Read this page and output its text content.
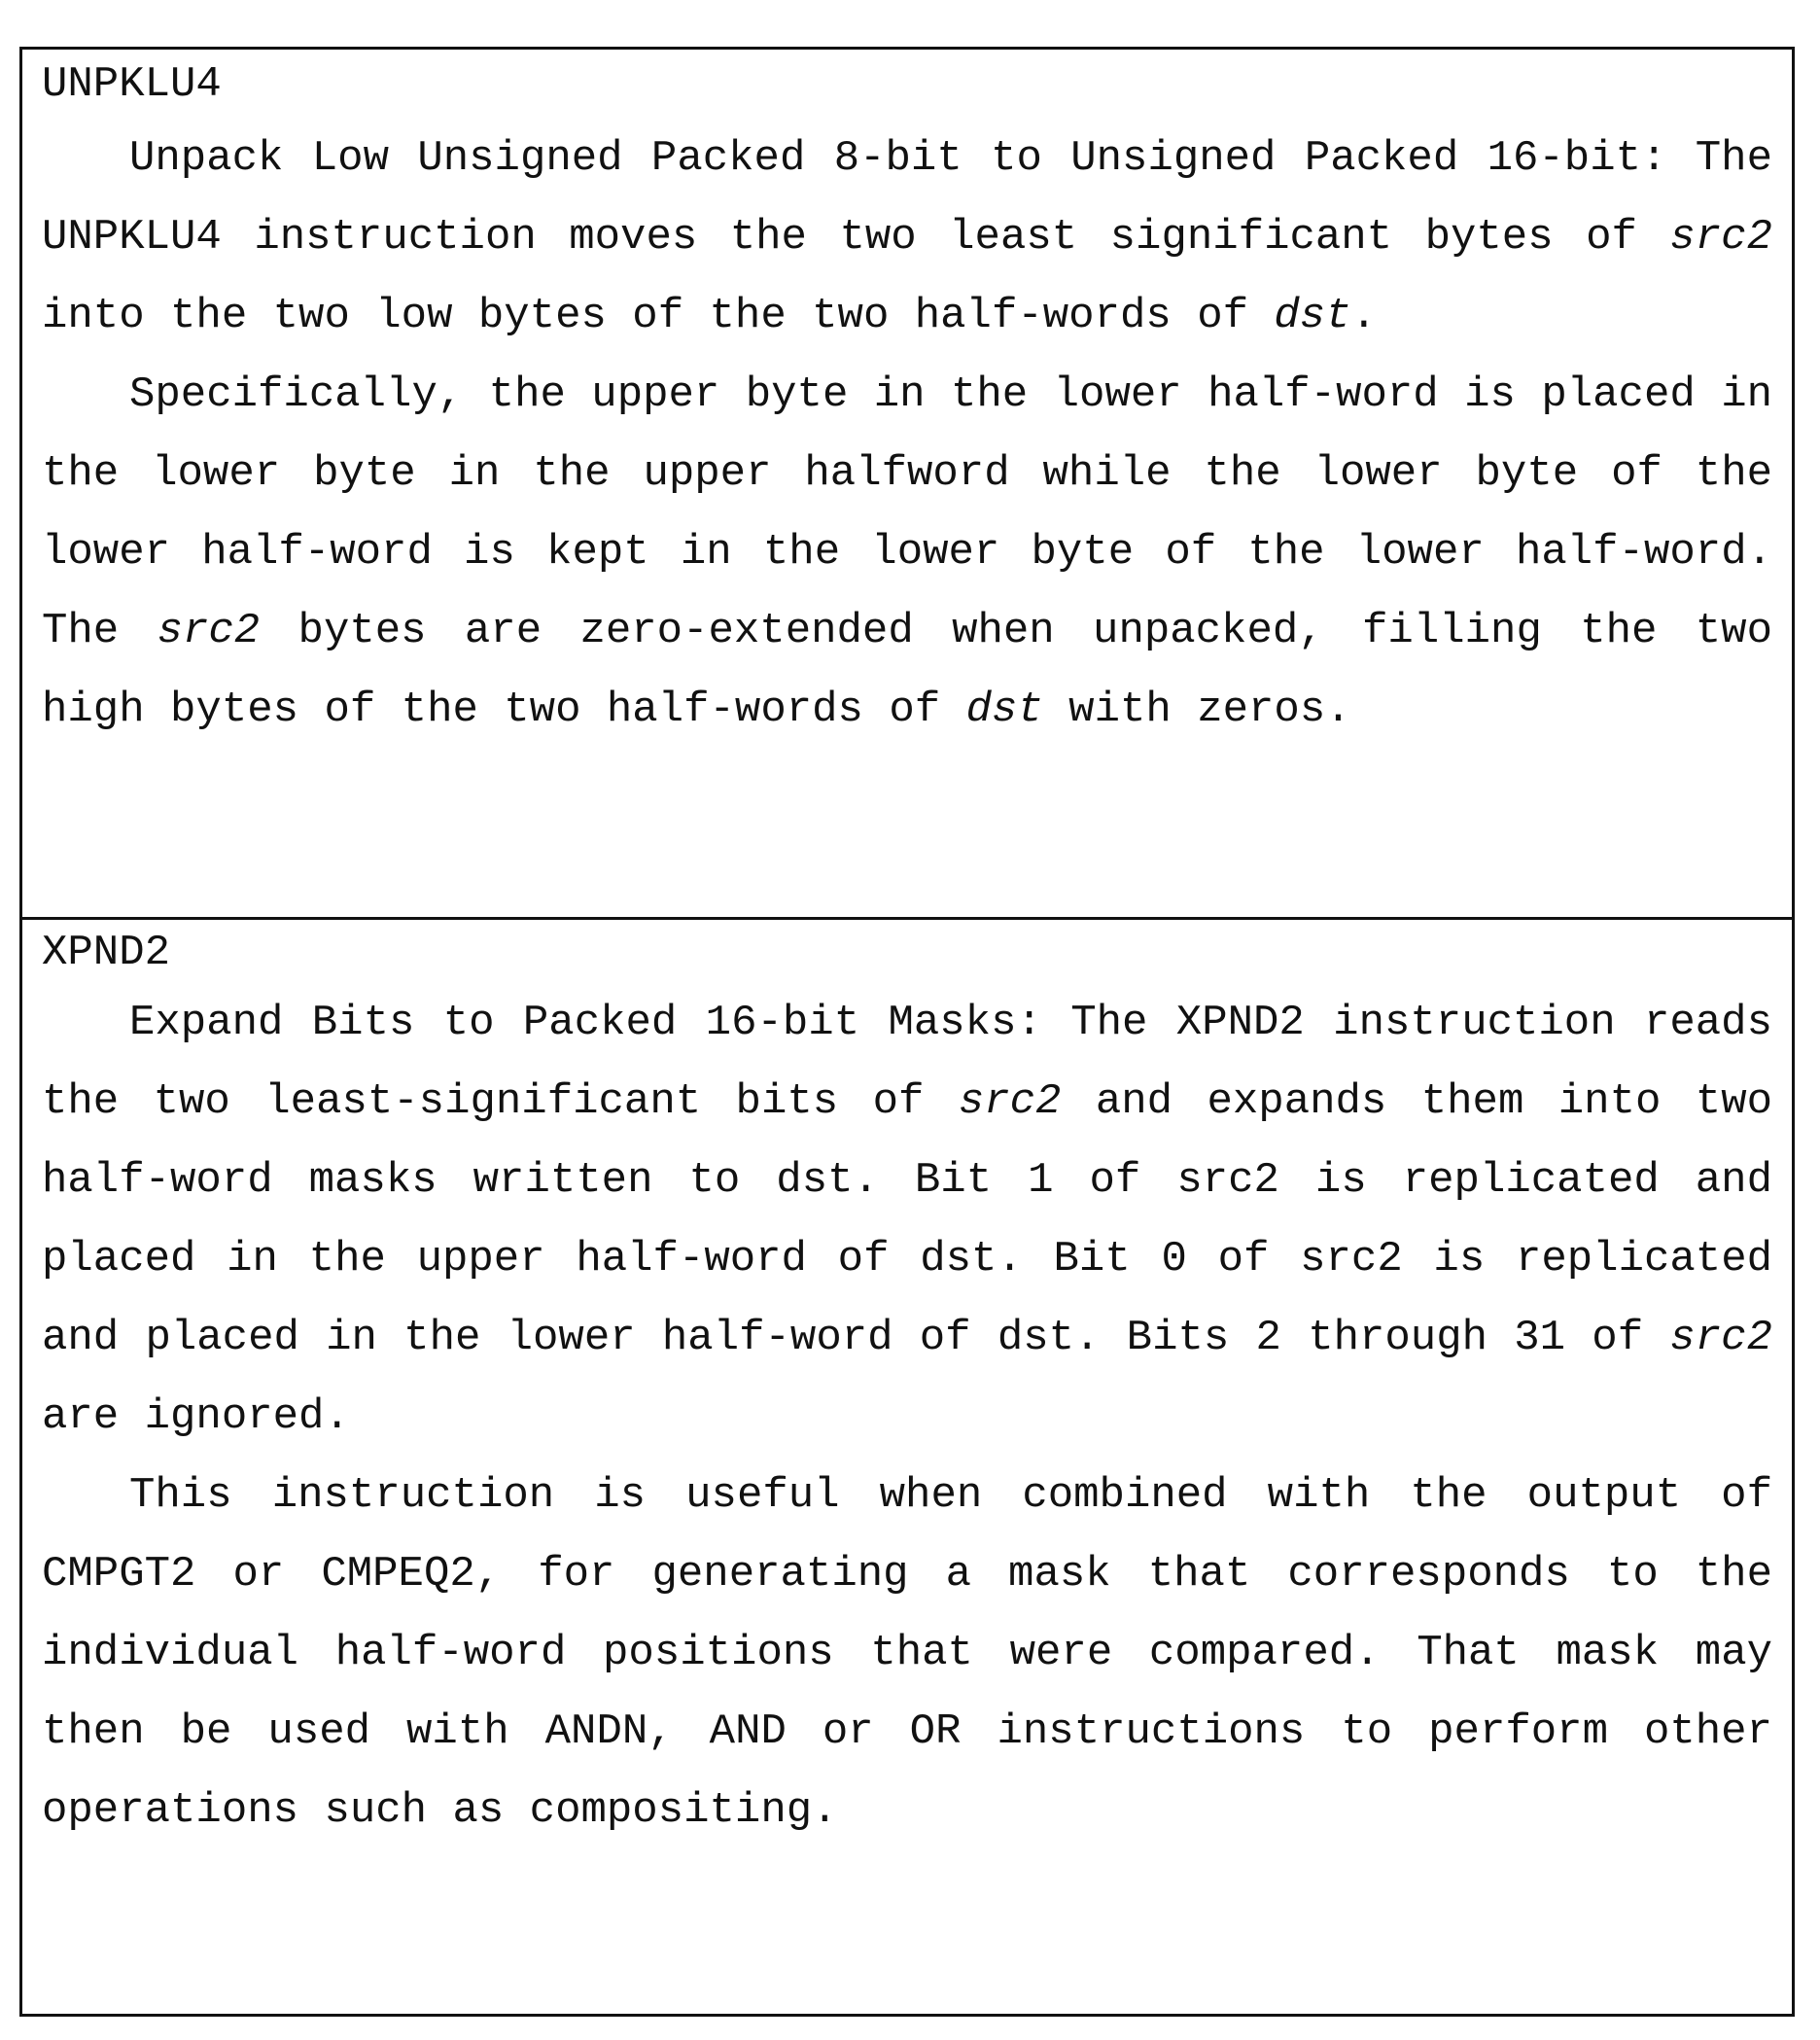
UNPKLU4

Unpack Low Unsigned Packed 8-bit to Unsigned Packed 16-bit: The UNPKLU4 instruction moves the two least significant bytes of src2 into the two low bytes of the two half-words of dst.

Specifically, the upper byte in the lower half-word is placed in the lower byte in the upper halfword while the lower byte of the lower half-word is kept in the lower byte of the lower half-word. The src2 bytes are zero-extended when unpacked, filling the two high bytes of the two half-words of dst with zeros.

XPND2

Expand Bits to Packed 16-bit Masks: The XPND2 instruction reads the two least-significant bits of src2 and expands them into two half-word masks written to dst. Bit 1 of src2 is replicated and placed in the upper half-word of dst. Bit 0 of src2 is replicated and placed in the lower half-word of dst. Bits 2 through 31 of src2 are ignored.

This instruction is useful when combined with the output of CMPGT2 or CMPEQ2, for generating a mask that corresponds to the individual half-word positions that were compared. That mask may then be used with ANDN, AND or OR instructions to perform other operations such as compositing.
